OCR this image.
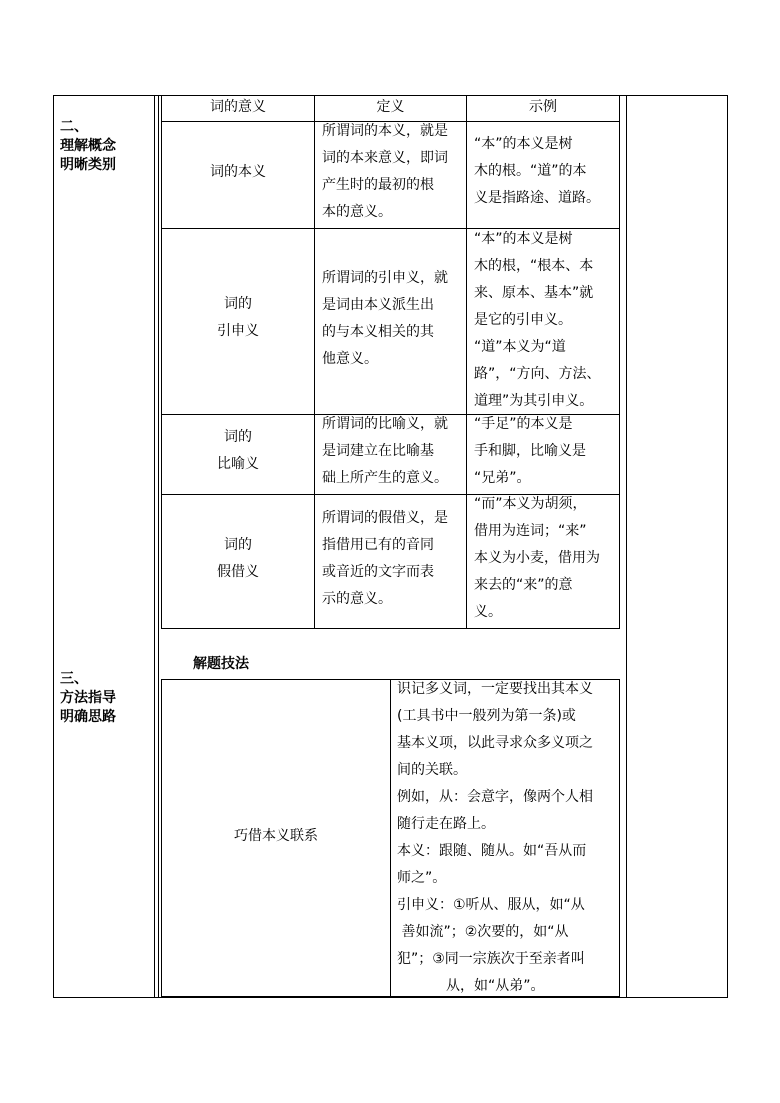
二、
理解概念
明晰类别
三、
方法指导
明确思路
词的意义	定义	示例
词的本义
所谓词的本义，就是
词的本来意义，即词
产生时的最初的根
本的意义。
“本”的本义是树
木的根。“道”的本
义是指路途、道路。
词的
引申义
所谓词的引申义，就
是词由本义派生出
的与本义相关的其
他意义。
“本”的本义是树
木的根，“根本、本
来、原本、基本”就
是它的引申义。
“道”本义为“道
路”，“方向、方法、
道理”为其引申义。
词的
比喻义
所谓词的比喻义，就
是词建立在比喻基
础上所产生的意义。
“手足”的本义是
手和脚，比喻义是
“兄弟”。
词的
假借义
所谓词的假借义，是
指借用已有的音同
或音近的文字而表
示的意义。
“而”本义为胡须，
借用为连词；“来”
本义为小麦，借用为
来去的“来”的意
义。
解题技法
巧借本义联系
识记多义词，一定要找出其本义
(工具书中一般列为第一条)或
基本义项，以此寻求众多义项之
间的关联。
例如，从：会意字，像两个人相
随行走在路上。
本义：跟随、随从。如“吾从而
师之”。
引申义：①听从、服从，如“从
善如流”；②次要的，如“从
犯”；③同一宗族次于至亲者叫
从，如“从弟”。
